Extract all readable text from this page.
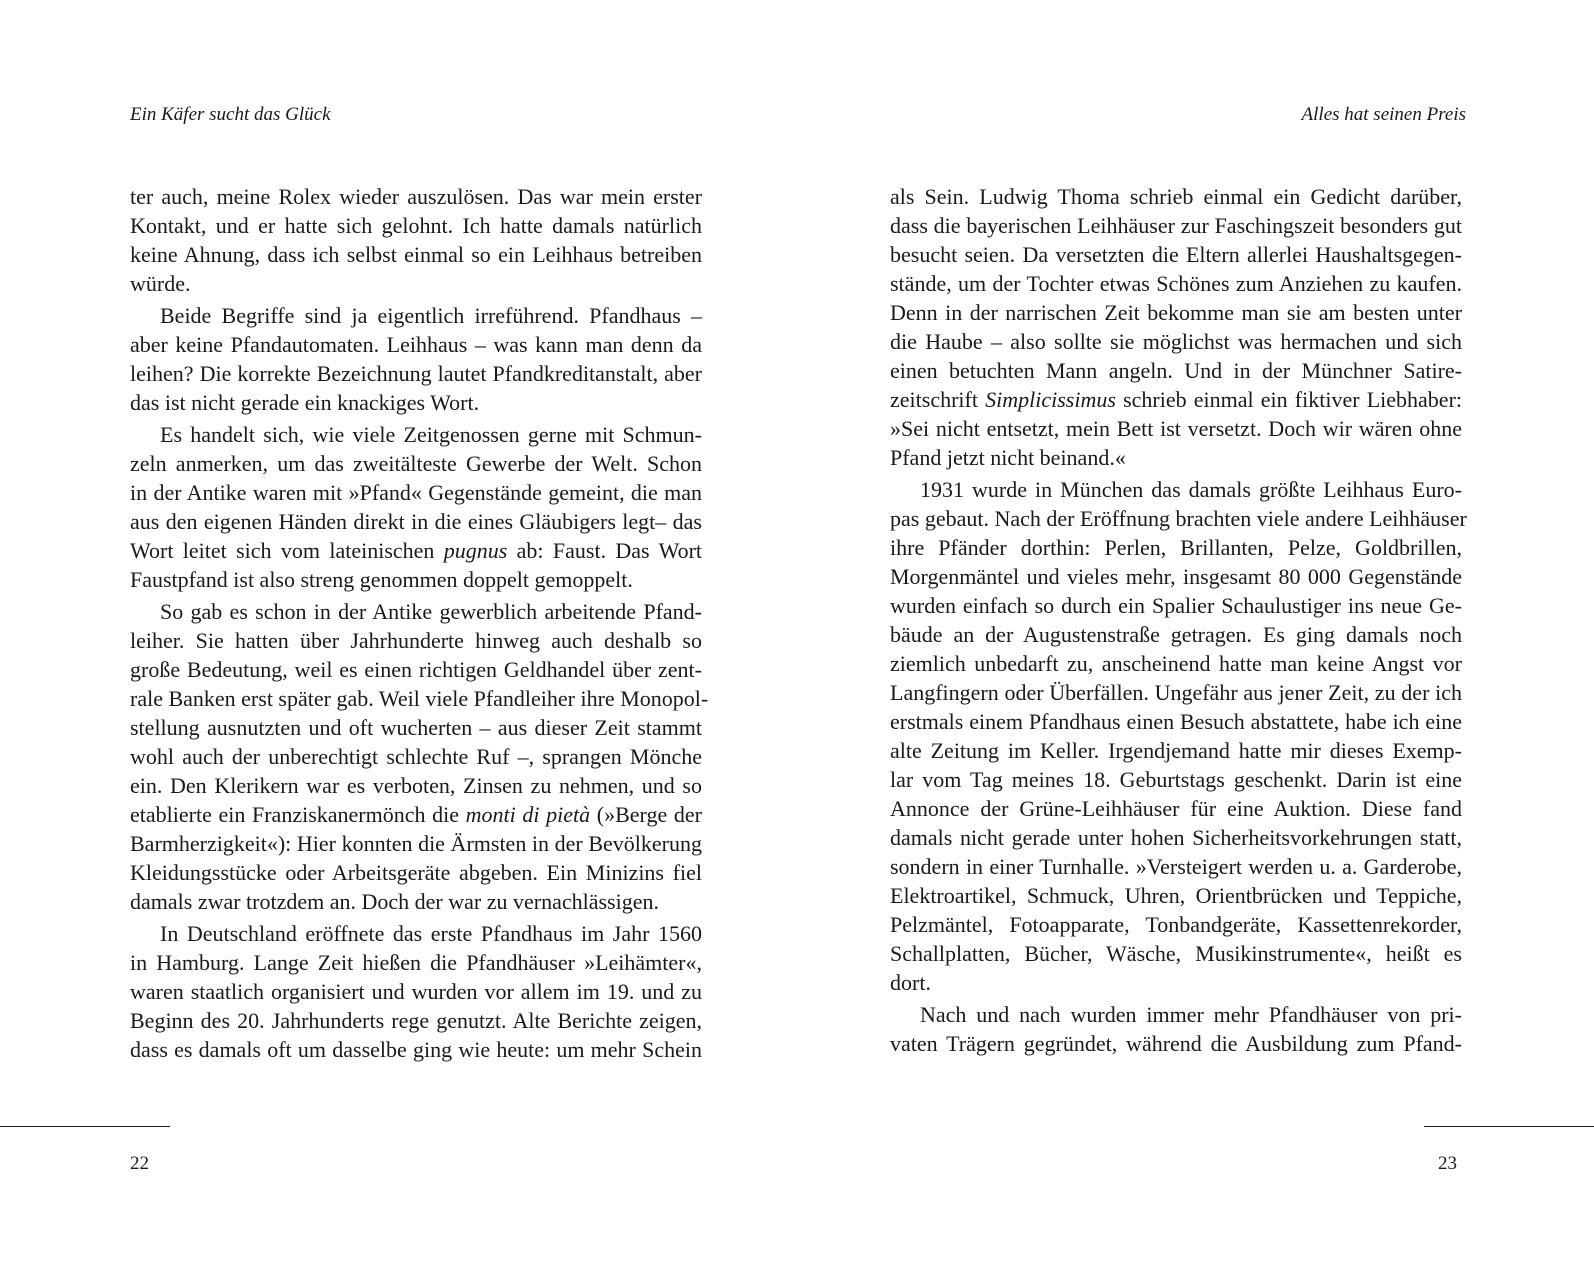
Ein Käfer sucht das Glück
ter auch, meine Rolex wieder auszulösen. Das war mein erster
Kontakt, und er hatte sich gelohnt. Ich hatte damals natürlich
keine Ahnung, dass ich selbst einmal so ein Leihhaus betreiben
würde.
Beide Begriffe sind ja eigentlich irreführend. Pfandhaus –
aber keine Pfandautomaten. Leihhaus – was kann man denn da
leihen? Die korrekte Bezeichnung lautet Pfandkreditanstalt, aber
das ist nicht gerade ein knackiges Wort.
Es handelt sich, wie viele Zeitgenossen gerne mit Schmun-
zeln anmerken, um das zweitälteste Gewerbe der Welt. Schon
in der Antike waren mit »Pfand« Gegenstände gemeint, die man
aus den eigenen Händen direkt in die eines Gläubigers legt– das
Wort leitet sich vom lateinischen pugnus ab: Faust. Das Wort
Faustpfand ist also streng genommen doppelt gemoppelt.
So gab es schon in der Antike gewerblich arbeitende Pfand-
leiher. Sie hatten über Jahrhunderte hinweg auch deshalb so
große Bedeutung, weil es einen richtigen Geldhandel über zent-
rale Banken erst später gab. Weil viele Pfandleiher ihre Monopol-
stellung ausnutzten und oft wucherten – aus dieser Zeit stammt
wohl auch der unberechtigt schlechte Ruf –, sprangen Mönche
ein. Den Klerikern war es verboten, Zinsen zu nehmen, und so
etablierte ein Franziskanermönch die monti di pietà (»Berge der
Barmherzigkeit«): Hier konnten die Ärmsten in der Bevölkerung
Kleidungsstücke oder Arbeitsgeräte abgeben. Ein Minizins fiel
damals zwar trotzdem an. Doch der war zu vernachlässigen.
In Deutschland eröffnete das erste Pfandhaus im Jahr 1560
in Hamburg. Lange Zeit hießen die Pfandhäuser »Leihämter«,
waren staatlich organisiert und wurden vor allem im 19. und zu
Beginn des 20. Jahrhunderts rege genutzt. Alte Berichte zeigen,
dass es damals oft um dasselbe ging wie heute: um mehr Schein
22
Alles hat seinen Preis
als Sein. Ludwig Thoma schrieb einmal ein Gedicht darüber,
dass die bayerischen Leihhäuser zur Faschingszeit besonders gut
besucht seien. Da versetzten die Eltern allerlei Haushaltsgegen-
stände, um der Tochter etwas Schönes zum Anziehen zu kaufen.
Denn in der narrischen Zeit bekomme man sie am besten unter
die Haube – also sollte sie möglichst was hermachen und sich
einen betuchten Mann angeln. Und in der Münchner Satire-
zeitschrift Simplicissimus schrieb einmal ein fiktiver Liebhaber:
»Sei nicht entsetzt, mein Bett ist versetzt. Doch wir wären ohne
Pfand jetzt nicht beinand.«
1931 wurde in München das damals größte Leihhaus Euro-
pas gebaut. Nach der Eröffnung brachten viele andere Leihhäuser
ihre Pfänder dorthin: Perlen, Brillanten, Pelze, Goldbrillen,
Morgenmäntel und vieles mehr, insgesamt 80 000 Gegenstände
wurden einfach so durch ein Spalier Schaulustiger ins neue Ge-
bäude an der Augustenstraße getragen. Es ging damals noch
ziemlich unbedarft zu, anscheinend hatte man keine Angst vor
Langfingern oder Überfällen. Ungefähr aus jener Zeit, zu der ich
erstmals einem Pfandhaus einen Besuch abstattete, habe ich eine
alte Zeitung im Keller. Irgendjemand hatte mir dieses Exemp-
lar vom Tag meines 18. Geburtstags geschenkt. Darin ist eine
Annonce der Grüne-Leihhäuser für eine Auktion. Diese fand
damals nicht gerade unter hohen Sicherheitsvorkehrungen statt,
sondern in einer Turnhalle. »Versteigert werden u. a. Garderobe,
Elektroartikel, Schmuck, Uhren, Orientbrücken und Teppiche,
Pelzmäntel, Fotoapparate, Tonbandgeräte, Kassettenrekorder,
Schallplatten, Bücher, Wäsche, Musikinstrumente«, heißt es
dort.
Nach und nach wurden immer mehr Pfandhäuser von pri-
vaten Trägern gegründet, während die Ausbildung zum Pfand-
23
